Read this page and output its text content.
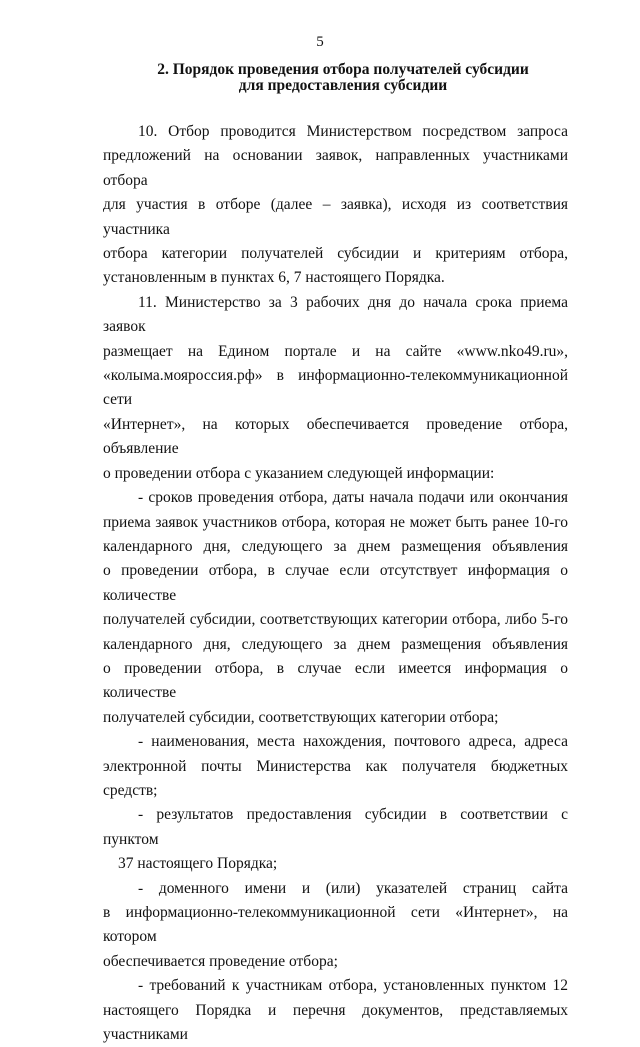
5
2. Порядок проведения отбора получателей субсидии
для предоставления субсидии

10. Отбор проводится Министерством посредством запроса
предложений на основании заявок, направленных участниками отбора
для участия в отборе (далее – заявка), исходя из соответствия участника
отбора категории получателей субсидии и критериям отбора,
установленным в пунктах 6, 7 настоящего Порядка.

11. Министерство за 3 рабочих дня до начала срока приема заявок
размещает на Едином портале и на сайте «www.nko49.ru»,
«колыма.мояроссия.рф» в информационно-телекоммуникационной сети
«Интернет», на которых обеспечивается проведение отбора, объявление
о проведении отбора с указанием следующей информации:

- сроков проведения отбора, даты начала подачи или окончания
приема заявок участников отбора, которая не может быть ранее 10-го
календарного дня, следующего за днем размещения объявления
о проведении отбора, в случае если отсутствует информация о количестве
получателей субсидии, соответствующих категории отбора, либо 5-го
календарного дня, следующего за днем размещения объявления
о проведении отбора, в случае если имеется информация о количестве
получателей субсидии, соответствующих категории отбора;

- наименования, места нахождения, почтового адреса, адреса
электронной почты Министерства как получателя бюджетных средств;

- результатов предоставления субсидии в соответствии с пунктом
37 настоящего Порядка;

- доменного имени и (или) указателей страниц сайта
в информационно-телекоммуникационной сети «Интернет», на котором
обеспечивается проведение отбора;

- требований к участникам отбора, установленных пунктом 12
настоящего Порядка и перечня документов, представляемых участниками
